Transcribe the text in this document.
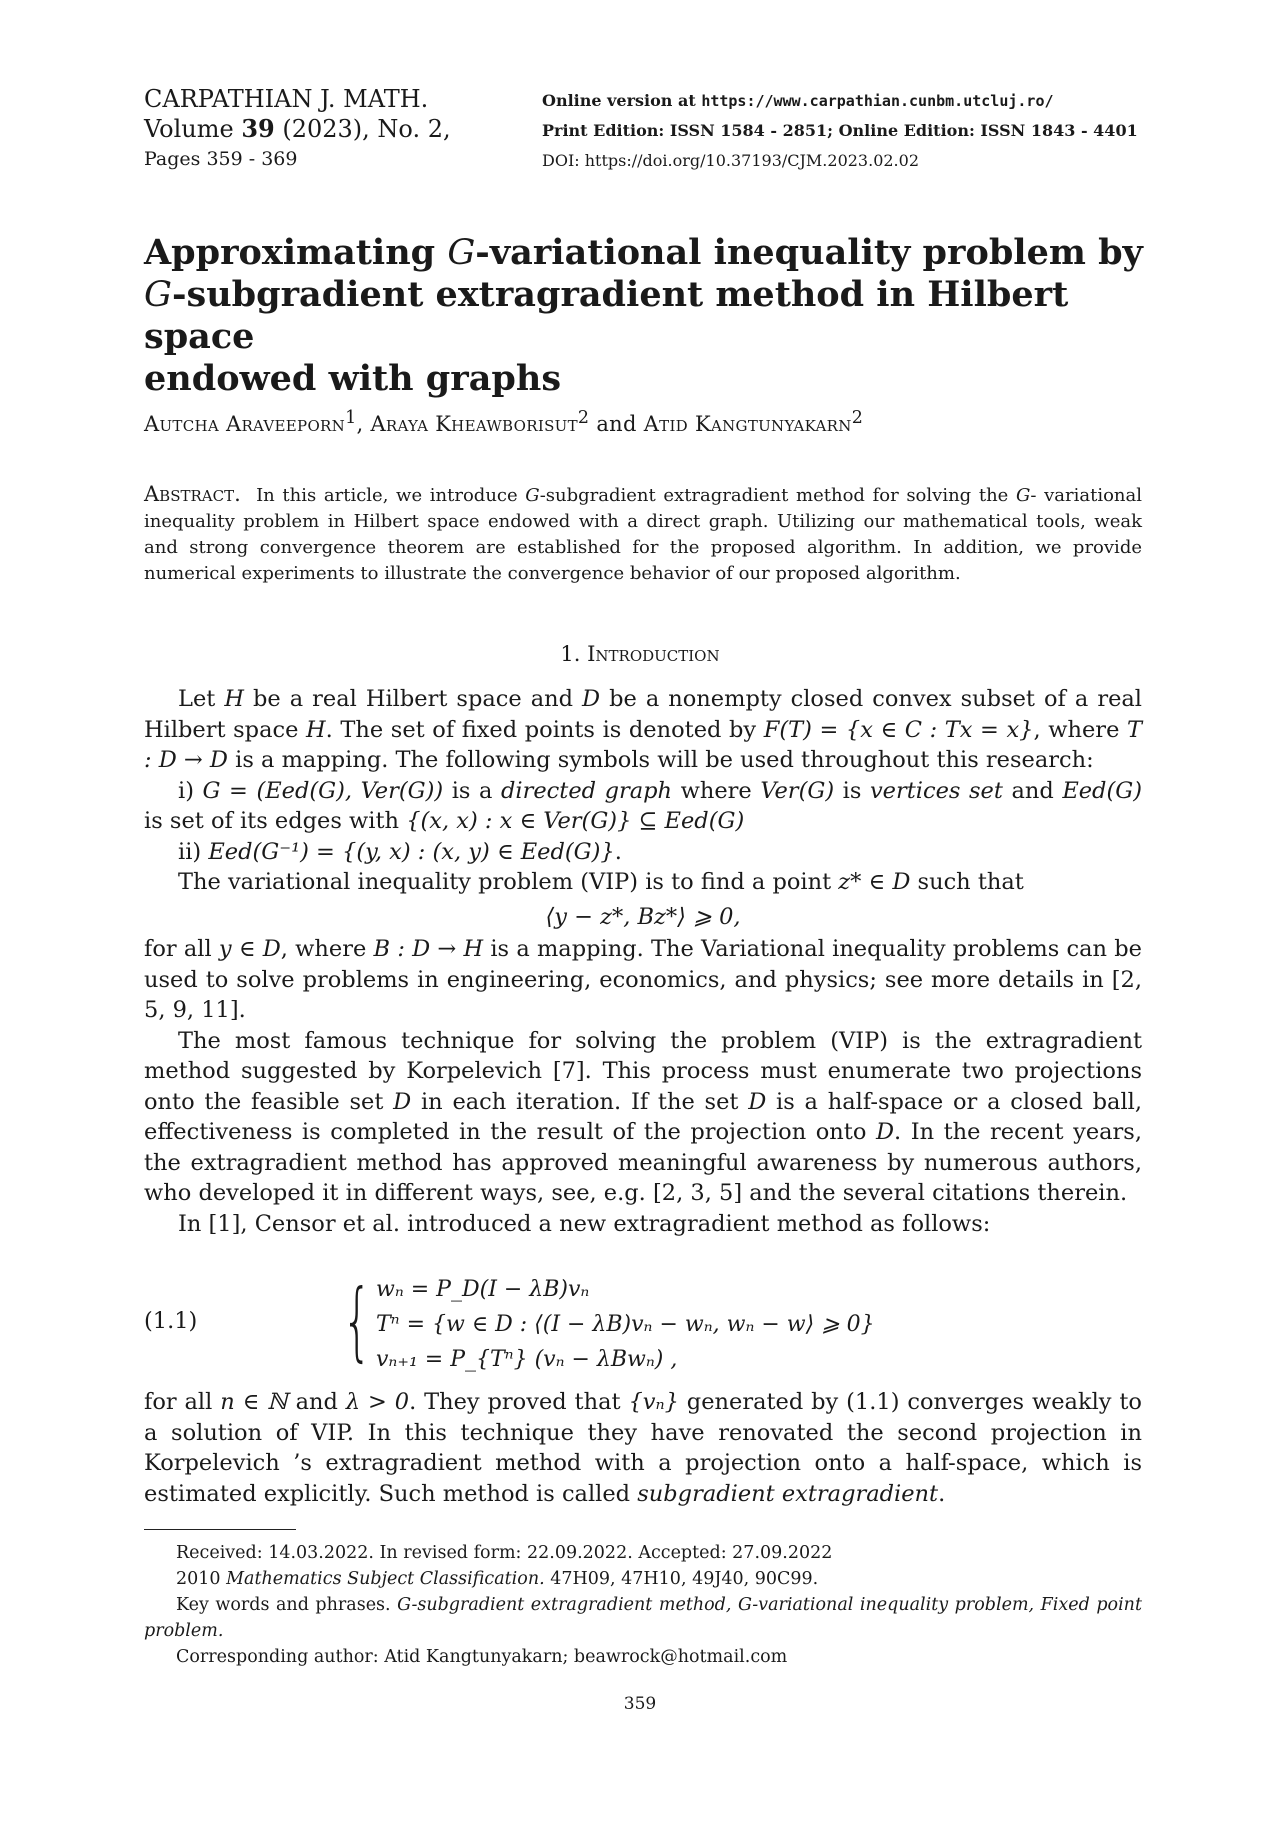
CARPATHIAN J. MATH.
Volume 39 (2023), No. 2,
Pages 359 - 369
Online version at https://www.carpathian.cunbm.utcluj.ro/
Print Edition: ISSN 1584 - 2851; Online Edition: ISSN 1843 - 4401
DOI: https://doi.org/10.37193/CJM.2023.02.02
Approximating G-variational inequality problem by
G-subgradient extragradient method in Hilbert space
endowed with graphs
Autcha Araveeporn$^1$, Araya Kheawborisut$^2$ and Atid Kangtunyakarn$^2$
Abstract. In this article, we introduce G-subgradient extragradient method for solving the G- variational inequality problem in Hilbert space endowed with a direct graph. Utilizing our mathematical tools, weak and strong convergence theorem are established for the proposed algorithm. In addition, we provide numerical experiments to illustrate the convergence behavior of our proposed algorithm.
1. Introduction
Let H be a real Hilbert space and D be a nonempty closed convex subset of a real Hilbert space H. The set of fixed points is denoted by F(T) = {x ∈ C : Tx = x}, where T : D → D is a mapping. The following symbols will be used throughout this research:
i) G = (Eed(G), Ver(G)) is a directed graph where Ver(G) is vertices set and Eed(G) is set of its edges with {(x, x) : x ∈ Ver(G)} ⊆ Eed(G)
ii) Eed(G⁻¹) = {(y, x) : (x, y) ∈ Eed(G)}.
The variational inequality problem (VIP) is to find a point z* ∈ D such that
⟨y − z*, Bz*⟩ ⩾ 0,
for all y ∈ D, where B : D → H is a mapping. The Variational inequality problems can be used to solve problems in engineering, economics, and physics; see more details in [2, 5, 9, 11].
The most famous technique for solving the problem (VIP) is the extragradient method suggested by Korpelevich [7]. This process must enumerate two projections onto the feasible set D in each iteration. If the set D is a half-space or a closed ball, effectiveness is completed in the result of the projection onto D. In the recent years, the extragradient method has approved meaningful awareness by numerous authors, who developed it in different ways, see, e.g. [2, 3, 5] and the several citations therein.
In [1], Censor et al. introduced a new extragradient method as follows:
(1.1) { wₙ = P_D(I − λB)vₙ
Tⁿ = {w ∈ D : ⟨(I − λB)vₙ − wₙ, wₙ − w⟩ ⩾ 0}
vₙ₊₁ = P_{Tⁿ} (vₙ − λBwₙ) ,
for all n ∈ ℕ and λ > 0. They proved that {vₙ} generated by (1.1) converges weakly to a solution of VIP. In this technique they have renovated the second projection in Korpelevich ’s extragradient method with a projection onto a half-space, which is estimated explicitly. Such method is called subgradient extragradient.
Received: 14.03.2022. In revised form: 22.09.2022. Accepted: 27.09.2022
2010 Mathematics Subject Classification. 47H09, 47H10, 49J40, 90C99.
Key words and phrases. G-subgradient extragradient method, G-variational inequality problem, Fixed point problem.
Corresponding author: Atid Kangtunyakarn; beawrock@hotmail.com
359
